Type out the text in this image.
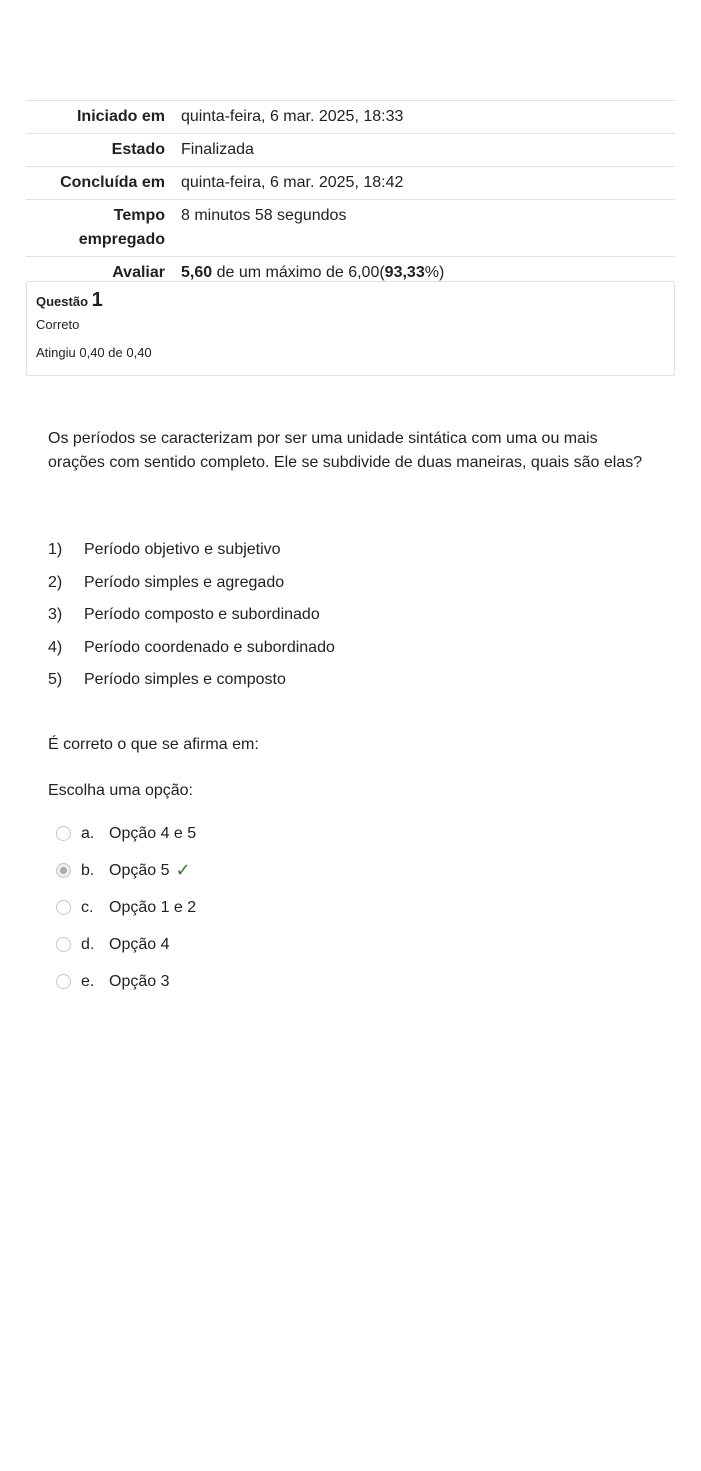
Iniciado em	quinta-feira, 6 mar. 2025, 18:33
Estado	Finalizada
Concluída em	quinta-feira, 6 mar. 2025, 18:42
Tempo empregado	8 minutos 58 segundos
Avaliar	5,60 de um máximo de 6,00(93,33%)
Questão 1
Correto
Atingiu 0,40 de 0,40
Os períodos se caracterizam por ser uma unidade sintática com uma ou mais orações com sentido completo. Ele se subdivide de duas maneiras, quais são elas?
1)	Período objetivo e subjetivo
2)	Período simples e agregado
3)	Período composto e subordinado
4)	Período coordenado e subordinado
5)	Período simples e composto
É correto o que se afirma em:
Escolha uma opção:
a. Opção 4 e 5
b. Opção 5 ✓
c. Opção 1 e 2
d. Opção 4
e. Opção 3
